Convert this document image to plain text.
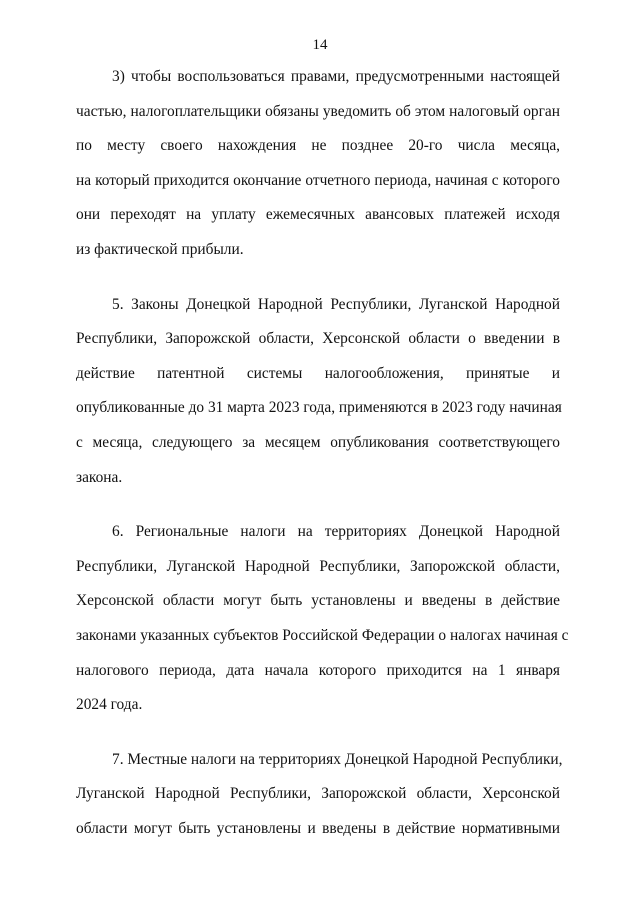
14

3) чтобы воспользоваться правами, предусмотренными настоящей
частью, налогоплательщики обязаны уведомить об этом налоговый орган
по месту своего нахождения не позднее 20-го числа месяца,
на который приходится окончание отчетного периода, начиная с которого
они переходят на уплату ежемесячных авансовых платежей исходя
из фактической прибыли.

5. Законы Донецкой Народной Республики, Луганской Народной
Республики, Запорожской области, Херсонской области о введении в
действие патентной системы налогообложения, принятые и
опубликованные до 31 марта 2023 года, применяются в 2023 году начиная
с месяца, следующего за месяцем опубликования соответствующего
закона.

6. Региональные налоги на территориях Донецкой Народной
Республики, Луганской Народной Республики, Запорожской области,
Херсонской области могут быть установлены и введены в действие
законами указанных субъектов Российской Федерации о налогах начиная с
налогового периода, дата начала которого приходится на 1 января
2024 года.

7. Местные налоги на территориях Донецкой Народной Республики,
Луганской Народной Республики, Запорожской области, Херсонской
области могут быть установлены и введены в действие нормативными
